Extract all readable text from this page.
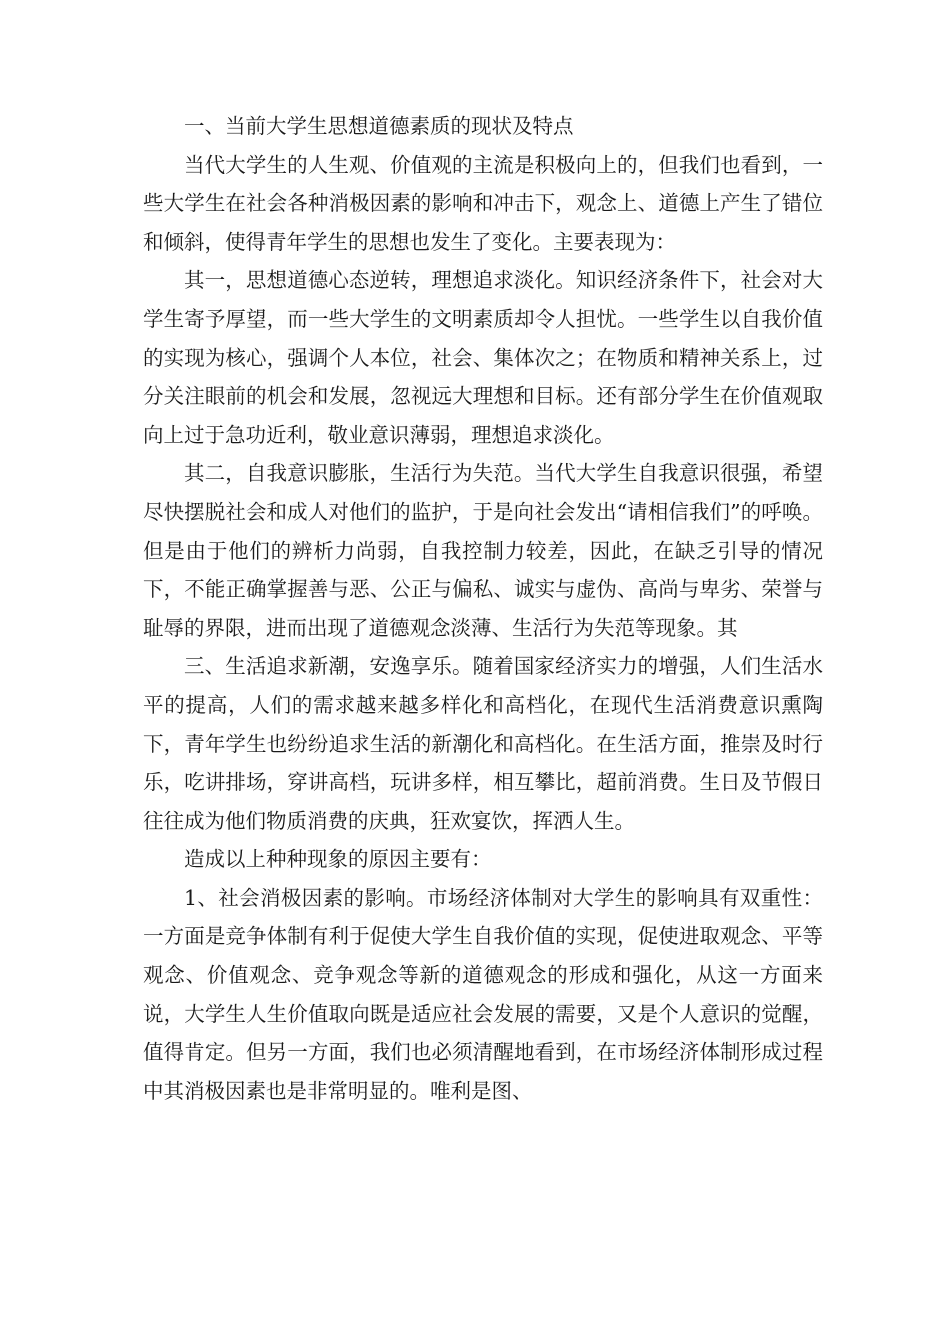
一、当前大学生思想道德素质的现状及特点

当代大学生的人生观、价值观的主流是积极向上的，但我们也看到，一些大学生在社会各种消极因素的影响和冲击下，观念上、道德上产生了错位和倾斜，使得青年学生的思想也发生了变化。主要表现为：

其一，思想道德心态逆转，理想追求淡化。知识经济条件下，社会对大学生寄予厚望，而一些大学生的文明素质却令人担忧。一些学生以自我价值的实现为核心，强调个人本位，社会、集体次之；在物质和精神关系上，过分关注眼前的机会和发展，忽视远大理想和目标。还有部分学生在价值观取向上过于急功近利，敬业意识薄弱，理想追求淡化。

其二，自我意识膨胀，生活行为失范。当代大学生自我意识很强，希望尽快摆脱社会和成人对他们的监护，于是向社会发出“请相信我们”的呼唤。但是由于他们的辨析力尚弱，自我控制力较差，因此，在缺乏引导的情况下，不能正确掌握善与恶、公正与偏私、诚实与虚伪、高尚与卑劣、荣誉与耻辱的界限，进而出现了道德观念淡薄、生活行为失范等现象。其

三、生活追求新潮，安逸享乐。随着国家经济实力的增强，人们生活水平的提高，人们的需求越来越多样化和高档化，在现代生活消费意识熏陶下，青年学生也纷纷追求生活的新潮化和高档化。在生活方面，推崇及时行乐，吃讲排场，穿讲高档，玩讲多样，相互攀比，超前消费。生日及节假日往往成为他们物质消费的庆典，狂欢宴饮，挥洒人生。

造成以上种种现象的原因主要有：

1、社会消极因素的影响。市场经济体制对大学生的影响具有双重性：一方面是竞争体制有利于促使大学生自我价值的实现，促使进取观念、平等观念、价值观念、竞争观念等新的道德观念的形成和强化，从这一方面来说，大学生人生价值取向既是适应社会发展的需要，又是个人意识的觉醒，值得肯定。但另一方面，我们也必须清醒地看到，在市场经济体制形成过程中其消极因素也是非常明显的。唯利是图、
